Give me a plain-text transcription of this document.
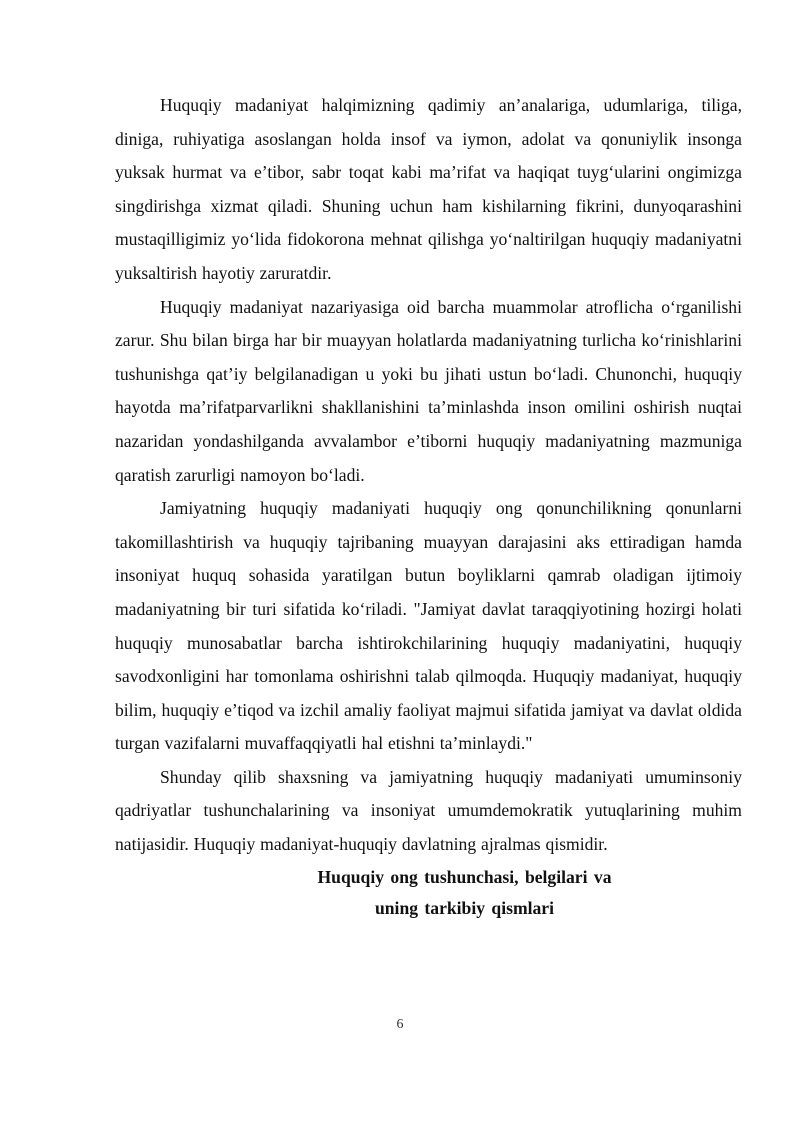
Huquqiy madaniyat halqimizning qadimiy an’analariga, udumlariga, tiliga, diniga, ruhiyatiga asoslangan holda insof va iymon, adolat va qonuniylik insonga yuksak hurmat va e’tibor, sabr toqat kabi ma’rifat va haqiqat tuyg‘ularini ongimizga singdirishga xizmat qiladi. Shuning uchun ham kishilarning fikrini, dunyoqarashini mustaqilligimiz yo‘lida fidokorona mehnat qilishga yo‘naltirilgan huquqiy madaniyatni yuksaltirish hayotiy zaruratdir.

Huquqiy madaniyat nazariyasiga oid barcha muammolar atroflicha o‘rganilishi zarur. Shu bilan birga har bir muayyan holatlarda madaniyatning turlicha ko‘rinishlarini tushunishga qat’iy belgilanadigan u yoki bu jihati ustun bo‘ladi. Chunonchi, huquqiy hayotda ma’rifatparvarlikni shakllanishini ta’minlashda inson omilini oshirish nuqtai nazaridan yondashilganda avvalambor e’tiborni huquqiy madaniyatning mazmuniga qaratish zarurligi namoyon bo‘ladi.

Jamiyatning huquqiy madaniyati huquqiy ong qonunchilikning qonunlarni takomillashtirish va huquqiy tajribaning muayyan darajasini aks ettiradigan hamda insoniyat huquq sohasida yaratilgan butun boyliklarni qamrab oladigan ijtimoiy madaniyatning bir turi sifatida ko‘riladi. "Jamiyat davlat taraqqiyotining hozirgi holati huquqiy munosabatlar barcha ishtirokchilarining huquqiy madaniyatini, huquqiy savodxonligini har tomonlama oshirishni talab qilmoqda. Huquqiy madaniyat, huquqiy bilim, huquqiy e’tiqod va izchil amaliy faoliyat majmui sifatida jamiyat va davlat oldida turgan vazifalarni muvaffaqqiyatli hal etishni ta’minlaydi."

Shunday qilib shaxsning va jamiyatning huquqiy madaniyati umuminsoniy qadriyatlar tushunchalarining va insoniyat umumdemokratik yutuqlarining muhim natijasidir. Huquqiy madaniyat-huquqiy davlatning ajralmas qismidir.

Huquqiy ong tushunchasi, belgilari va

uning tarkibiy qismlari

6
